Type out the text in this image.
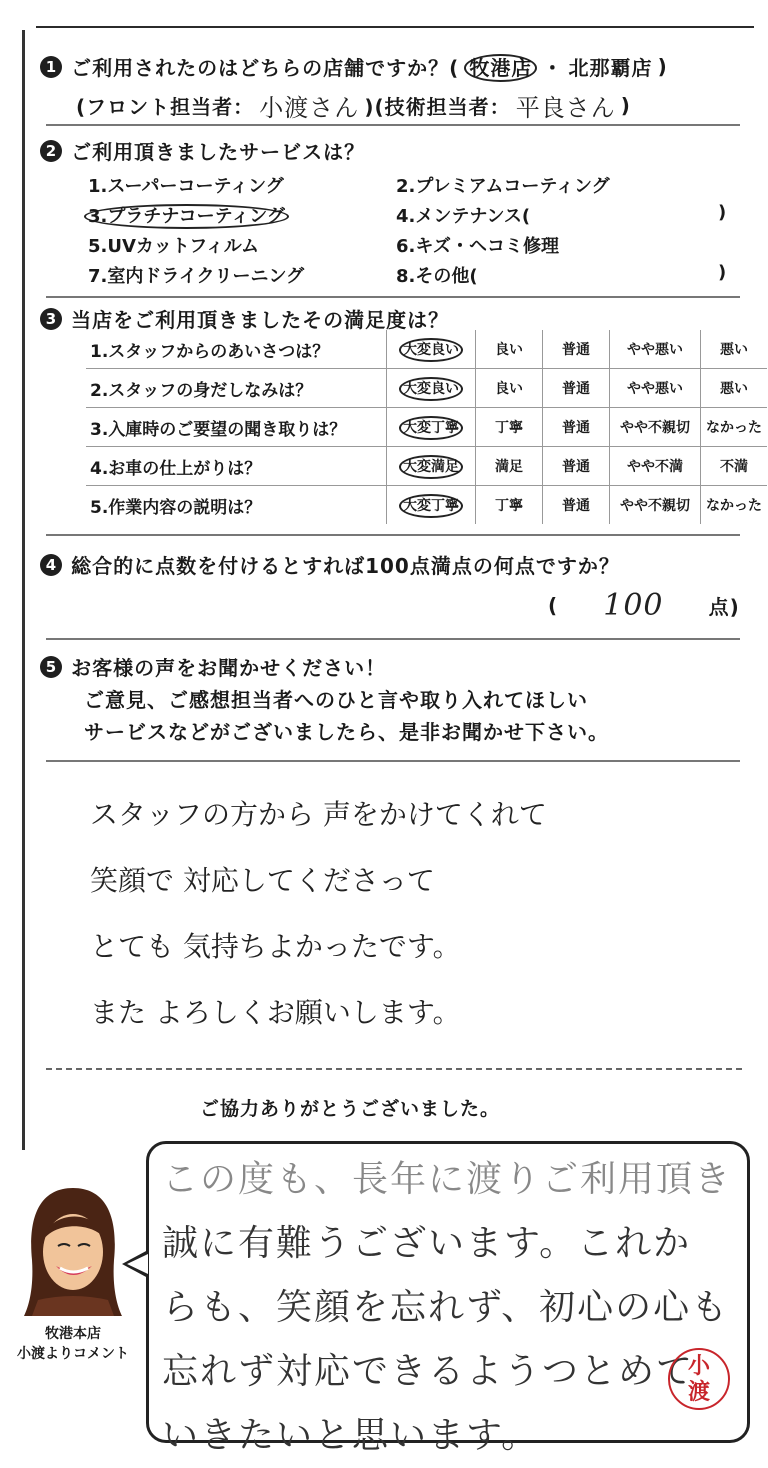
1 ご利用されたのはどちらの店舗ですか？( 牧港店 ・ 北那覇店 )
(フロント担当者： 小渡さん )(技術担当者： 平良さん )
2 ご利用頂きましたサービスは？
1.スーパーコーティング	2.プレミアムコーティング
3.プラチナコーティング	4.メンテナンス(	)
5.UVカットフィルム	6.キズ・ヘコミ修理
7.室内ドライクリーニング	8.その他(	)
3 当店をご利用頂きましたその満足度は？
1.スタッフからのあいさつは？	大変良い	良い	普通	やや悪い	悪い
2.スタッフの身だしなみは？	大変良い	良い	普通	やや悪い	悪い
3.入庫時のご要望の聞き取りは？	大変丁寧	丁寧	普通	やや不親切	なかった
4.お車の仕上がりは？	大変満足	満足	普通	やや不満	不満
5.作業内容の説明は？	大変丁寧	丁寧	普通	やや不親切	なかった
4 総合的に点数を付けるとすれば100点満点の何点ですか？
( 100 点)
5 お客様の声をお聞かせください！
ご意見、ご感想担当者へのひと言や取り入れてほしい
サービスなどがございましたら、是非お聞かせ下さい。
スタッフの方から 声をかけてくれて
笑顔で 対応してくださって
とても 気持ちよかったです。
また よろしくお願いします。
ご協力ありがとうございました。
牧港本店
小渡よりコメント
この度も、長年に渡りご利用頂き
誠に有難うございます。これか
らも、笑顔を忘れず、初心の心も
忘れず対応できるようつとめて
いきたいと思います。
小渡
